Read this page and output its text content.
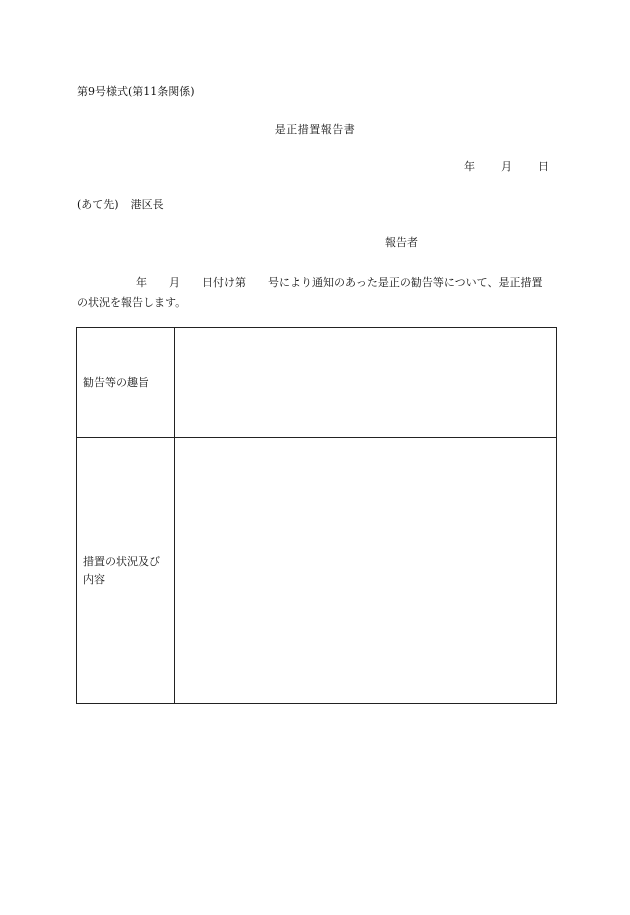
第9号様式(第11条関係)
是正措置報告書
年 月 日
(あて先) 港区長
報告者
年 月 日付け第 号により通知のあった是正の勧告等について、是正措置の状況を報告します。
勧告等の趣旨	
措置の状況及び内容	
